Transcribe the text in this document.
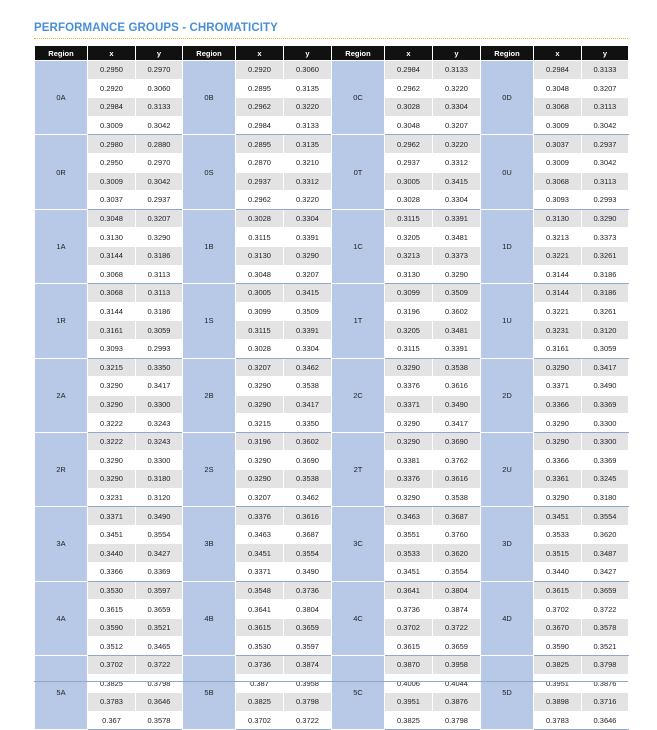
PERFORMANCE GROUPS - CHROMATICITY
Region	x	y	Region	x	y	Region	x	y	Region	x	y
0A	0.2950	0.2970	0B	0.2920	0.3060	0C	0.2984	0.3133	0D	0.2984	0.3133
	0.2920	0.3060		0.2895	0.3135		0.2962	0.3220		0.3048	0.3207
	0.2984	0.3133		0.2962	0.3220		0.3028	0.3304		0.3068	0.3113
	0.3009	0.3042		0.2984	0.3133		0.3048	0.3207		0.3009	0.3042
0R	0.2980	0.2880	0S	0.2895	0.3135	0T	0.2962	0.3220	0U	0.3037	0.2937
	0.2950	0.2970		0.2870	0.3210		0.2937	0.3312		0.3009	0.3042
	0.3009	0.3042		0.2937	0.3312		0.3005	0.3415		0.3068	0.3113
	0.3037	0.2937		0.2962	0.3220		0.3028	0.3304		0.3093	0.2993
1A	0.3048	0.3207	1B	0.3028	0.3304	1C	0.3115	0.3391	1D	0.3130	0.3290
	0.3130	0.3290		0.3115	0.3391		0.3205	0.3481		0.3213	0.3373
	0.3144	0.3186		0.3130	0.3290		0.3213	0.3373		0.3221	0.3261
	0.3068	0.3113		0.3048	0.3207		0.3130	0.3290		0.3144	0.3186
1R	0.3068	0.3113	1S	0.3005	0.3415	1T	0.3099	0.3509	1U	0.3144	0.3186
	0.3144	0.3186		0.3099	0.3509		0.3196	0.3602		0.3221	0.3261
	0.3161	0.3059		0.3115	0.3391		0.3205	0.3481		0.3231	0.3120
	0.3093	0.2993		0.3028	0.3304		0.3115	0.3391		0.3161	0.3059
2A	0.3215	0.3350	2B	0.3207	0.3462	2C	0.3290	0.3538	2D	0.3290	0.3417
	0.3290	0.3417		0.3290	0.3538		0.3376	0.3616		0.3371	0.3490
	0.3290	0.3300		0.3290	0.3417		0.3371	0.3490		0.3366	0.3369
	0.3222	0.3243		0.3215	0.3350		0.3290	0.3417		0.3290	0.3300
2R	0.3222	0.3243	2S	0.3196	0.3602	2T	0.3290	0.3690	2U	0.3290	0.3300
	0.3290	0.3300		0.3290	0.3690		0.3381	0.3762		0.3366	0.3369
	0.3290	0.3180		0.3290	0.3538		0.3376	0.3616		0.3361	0.3245
	0.3231	0.3120		0.3207	0.3462		0.3290	0.3538		0.3290	0.3180
3A	0.3371	0.3490	3B	0.3376	0.3616	3C	0.3463	0.3687	3D	0.3451	0.3554
	0.3451	0.3554		0.3463	0.3687		0.3551	0.3760		0.3533	0.3620
	0.3440	0.3427		0.3451	0.3554		0.3533	0.3620		0.3515	0.3487
	0.3366	0.3369		0.3371	0.3490		0.3451	0.3554		0.3440	0.3427
4A	0.3530	0.3597	4B	0.3548	0.3736	4C	0.3641	0.3804	4D	0.3615	0.3659
	0.3615	0.3659		0.3641	0.3804		0.3736	0.3874		0.3702	0.3722
	0.3590	0.3521		0.3615	0.3659		0.3702	0.3722		0.3670	0.3578
	0.3512	0.3465		0.3530	0.3597		0.3615	0.3659		0.3590	0.3521
5A	0.3702	0.3722	5B	0.3736	0.3874	5C	0.3870	0.3958	5D	0.3825	0.3798
	0.3825	0.3798		0.387	0.3958		0.4006	0.4044		0.3951	0.3876
	0.3783	0.3646		0.3825	0.3798		0.3951	0.3876		0.3898	0.3716
	0.367	0.3578		0.3702	0.3722		0.3825	0.3798		0.3783	0.3646
